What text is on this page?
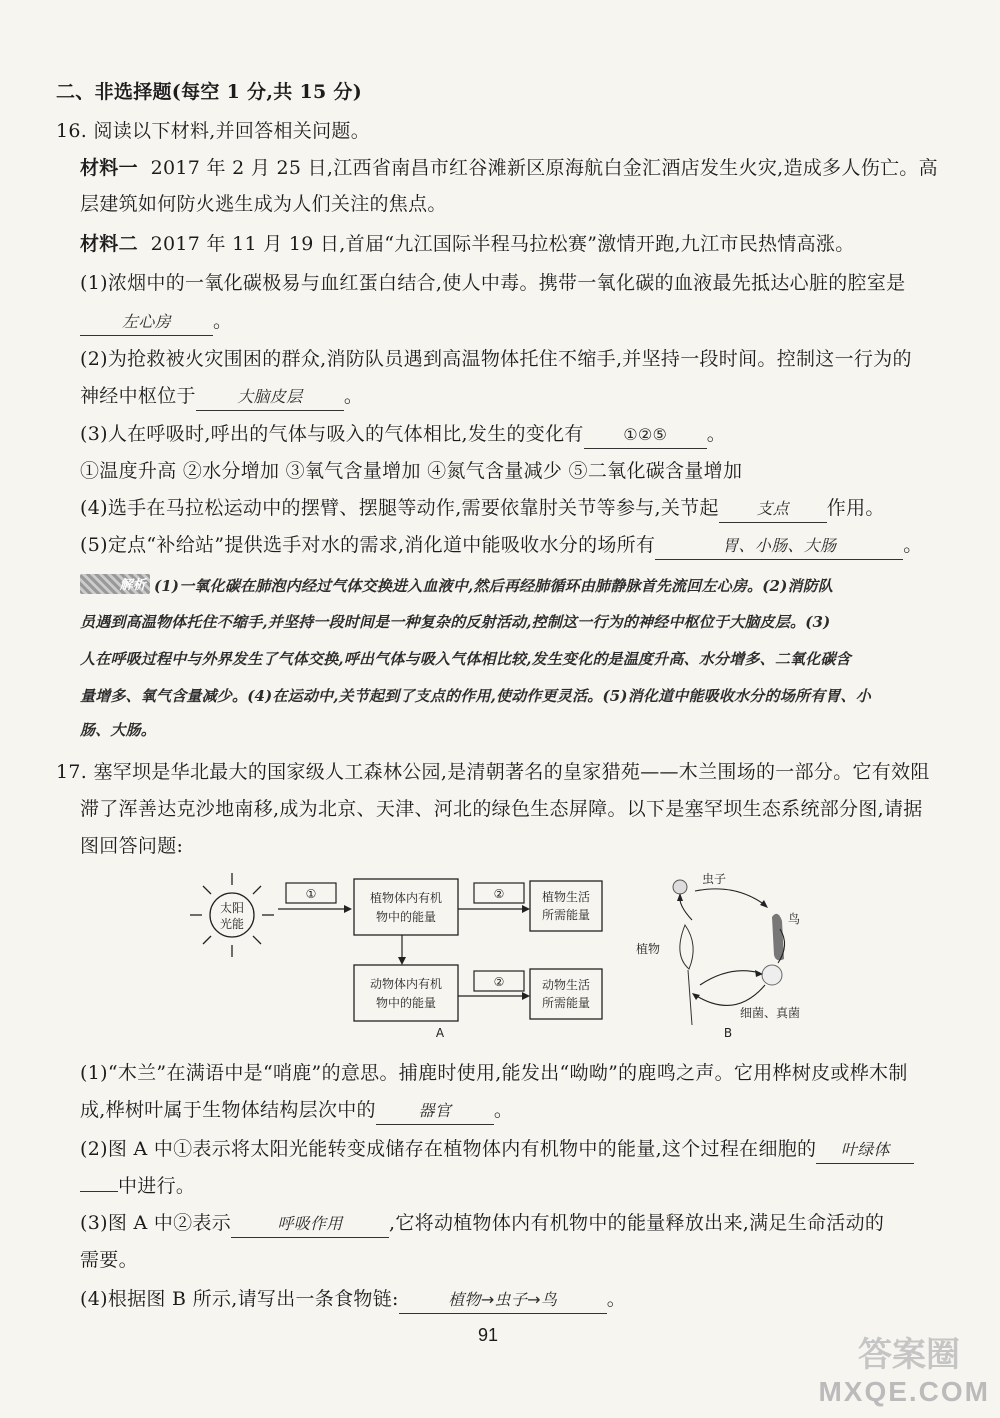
二、非选择题(每空 1 分,共 15 分)
16. 阅读以下材料,并回答相关问题。
材料一 2017 年 2 月 25 日,江西省南昌市红谷滩新区原海航白金汇酒店发生火灾,造成多人伤亡。高
层建筑如何防火逃生成为人们关注的焦点。
材料二 2017 年 11 月 19 日,首届“九江国际半程马拉松赛”激情开跑,九江市民热情高涨。
(1)浓烟中的一氧化碳极易与血红蛋白结合,使人中毒。携带一氧化碳的血液最先抵达心脏的腔室是
左心房 。
(2)为抢救被火灾围困的群众,消防队员遇到高温物体托住不缩手,并坚持一段时间。控制这一行为的
神经中枢位于	大脑皮层 。
(3)人在呼吸时,呼出的气体与吸入的气体相比,发生的变化有 ①②⑤ 。
①温度升高 ②水分增加 ③氧气含量增加 ④氮气含量减少 ⑤二氧化碳含量增加
(4)选手在马拉松运动中的摆臂、摆腿等动作,需要依靠肘关节等参与,关节起 支点 作用。
(5)定点“补给站”提供选手对水的需求,消化道中能吸收水分的场所有	胃、小肠、大肠	。
解析 (1)一氧化碳在肺泡内经过气体交换进入血液中,然后再经肺循环由肺静脉首先流回左心房。(2)消防队
员遇到高温物体托住不缩手,并坚持一段时间是一种复杂的反射活动,控制这一行为的神经中枢位于大脑皮层。(3)
人在呼吸过程中与外界发生了气体交换,呼出气体与吸入气体相比较,发生变化的是温度升高、水分增多、二氧化碳含
量增多、氧气含量减少。(4)在运动中,关节起到了支点的作用,使动作更灵活。(5)消化道中能吸收水分的场所有胃、小
肠、大肠。
17. 塞罕坝是华北最大的国家级人工森林公园,是清朝著名的皇家猎苑——木兰围场的一部分。它有效阻
滞了浑善达克沙地南移,成为北京、天津、河北的绿色生态屏障。以下是塞罕坝生态系统部分图,请据
图回答问题:
太阳
光能
①	植物体内有机
物中的能量
②	植物生活
所需能量
动物体内有机
物中的能量
②	动物生活
所需能量
A
虫子
鸟
植物
细菌、真菌
B
(1)“木兰”在满语中是“哨鹿”的意思。捕鹿时使用,能发出“呦呦”的鹿鸣之声。它用桦树皮或桦木制
成,桦树叶属于生物体结构层次中的	器官 。
(2)图 A 中①表示将太阳光能转变成储存在植物体内有机物中的能量,这个过程在细胞的 叶绿体
中进行。
(3)图 A 中②表示	呼吸作用 ,它将动植物体内有机物中的能量释放出来,满足生命活动的
需要。
(4)根据图 B 所示,请写出一条食物链:	植物→虫子→鸟	。
91	答案圈
MXQE.COM
